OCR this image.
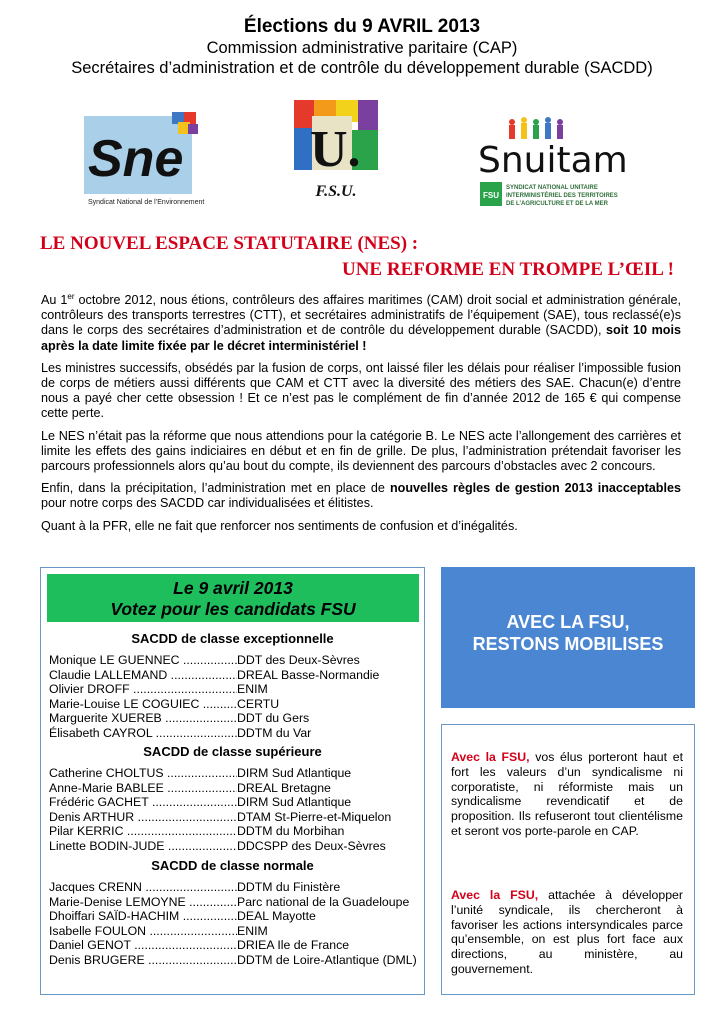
Élections du 9 AVRIL 2013
Commission administrative paritaire (CAP)
Secrétaires d’administration et de contrôle du développement durable (SACDD)
Sne
Syndicat National de l’Environnement
U.
F.S.U.
Snuitam
FSU
SYNDICAT NATIONAL UNITAIRE
INTERMINISTÉRIEL DES TERRITOIRES
DE L’AGRICULTURE ET DE LA MER
LE NOUVEL ESPACE STATUTAIRE (NES) :
UNE REFORME EN TROMPE L’ŒIL !

Au 1er octobre 2012, nous étions, contrôleurs des affaires maritimes (CAM) droit social et administration générale, contrôleurs des transports terrestres (CTT), et secrétaires administratifs de l’équipement (SAE), tous reclassé(e)s dans le corps des secrétaires d’administration et de contrôle du développement durable (SACDD), soit 10 mois après la date limite fixée par le décret interministériel !

Les ministres successifs, obsédés par la fusion de corps, ont laissé filer les délais pour réaliser l’impossible fusion de corps de métiers aussi différents que CAM et CTT avec la diversité des métiers des SAE. Chacun(e) d’entre nous a payé cher cette obsession ! Et ce n’est pas le complément de fin d’année 2012 de 165 € qui compense cette perte.

Le NES n’était pas la réforme que nous attendions pour la catégorie B. Le NES acte l’allongement des carrières et limite les effets des gains indiciaires en début et en fin de grille. De plus, l’administration prétendait favoriser les parcours professionnels alors qu’au bout du compte, ils deviennent des parcours d’obstacles avec 2 concours.

Enfin, dans la précipitation, l’administration met en place de nouvelles règles de gestion 2013 inacceptables pour notre corps des SACDD car individualisées et élitistes.

Quant à la PFR, elle ne fait que renforcer nos sentiments de confusion et d’inégalités.

Le 9 avril 2013
Votez pour les candidats FSU
SACDD de classe exceptionnelle
Monique LE GUENNEC .....	DDT des Deux-Sèvres
Claudie LALLEMAND .....	DREAL Basse-Normandie
Olivier DROFF .....	ENIM
Marie-Louise LE COGUIEC .....	CERTU
Marguerite XUEREB .....	DDT du Gers
Élisabeth CAYROL .....	DDTM du Var
SACDD de classe supérieure
Catherine CHOLTUS .....	DIRM Sud Atlantique
Anne-Marie BABLEE .....	DREAL Bretagne
Frédéric GACHET .....	DIRM Sud Atlantique
Denis ARTHUR .....	DTAM St-Pierre-et-Miquelon
Pilar KERRIC .....	DDTM du Morbihan
Linette BODIN-JUDE .....	DDCSPP des Deux-Sèvres
SACDD de classe normale
Jacques CRENN .....	DDTM du Finistère
Marie-Denise LEMOYNE .....	Parc national de la Guadeloupe
Dhoiffari SAÏD-HACHIM .....	DEAL Mayotte
Isabelle FOULON .....	ENIM
Daniel GENOT .....	DRIEA Ile de France
Denis BRUGERE .....	DDTM de Loire-Atlantique (DML)
AVEC LA FSU,
RESTONS MOBILISES
Avec la FSU, vos élus porteront haut et fort les valeurs d’un syndicalisme ni corporatiste, ni réformiste mais un syndicalisme revendicatif et de proposition. Ils refuseront tout clientélisme et seront vos porte-parole en CAP.
Avec la FSU, attachée à développer l’unité syndicale, ils chercheront à favoriser les actions intersyndicales parce qu’ensemble, on est plus fort face aux directions, au ministère, au gouvernement.
